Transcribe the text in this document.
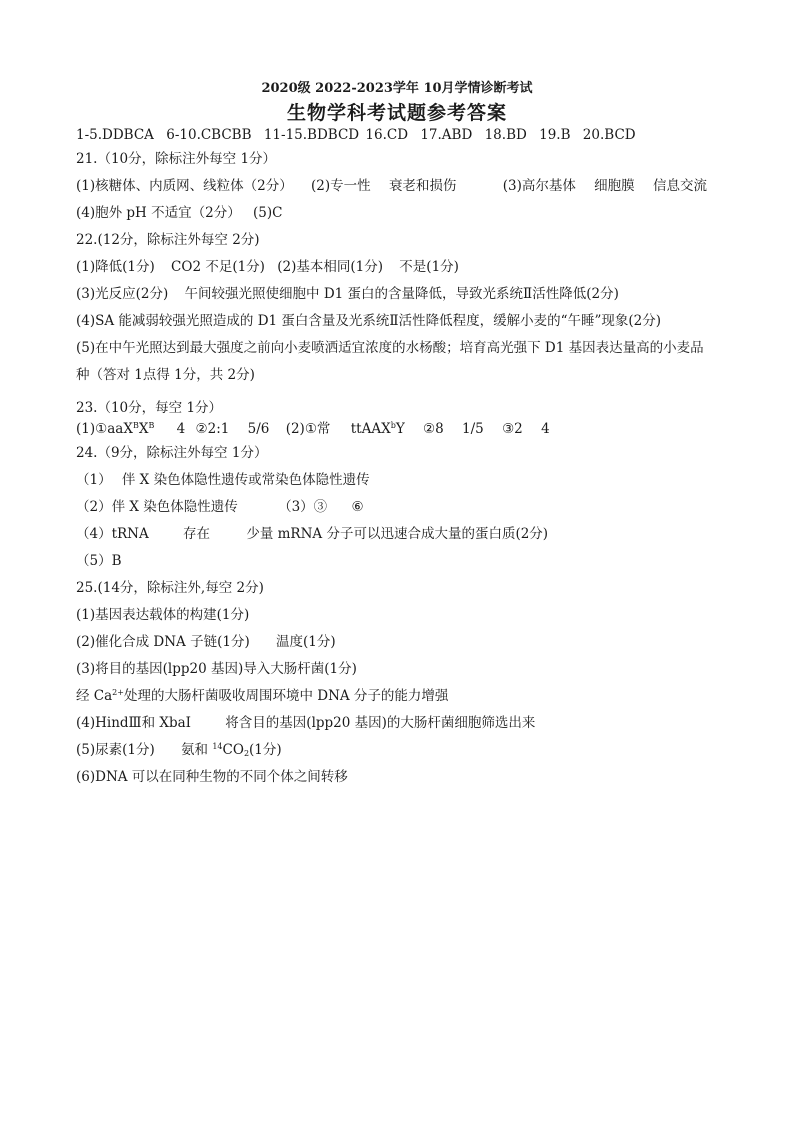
2020级 2022-2023学年 10月学情诊断考试
生物学科考试题参考答案
1-5.DDBCA 6-10.CBCBB 11-15.BDBCD 16.CD 17.ABD 18.BD 19.B 20.BCD
21.（10分，除标注外每空 1分）
(1)核糖体、内质网、线粒体（2分） (2)专一性 衰老和损伤	(3)高尔基体 细胞膜 信息交流
(4)胞外 pH 不适宜（2分） (5)C
22.(12分，除标注外每空 2分)
(1)降低(1分) CO2 不足(1分) (2)基本相同(1分) 不是(1分)
(3)光反应(2分) 午间较强光照使细胞中 D1 蛋白的含量降低，导致光系统Ⅱ活性降低(2分)
(4)SA 能减弱较强光照造成的 D1 蛋白含量及光系统Ⅱ活性降低程度，缓解小麦的“午睡”现象(2分)
(5)在中午光照达到最大强度之前向小麦喷洒适宜浓度的水杨酸；培育高光强下 D1 基因表达量高的小麦品
种（答对 1点得 1分，共 2分)
23.（10分，每空 1分）
$(1)①aaX^BX^B$ 4 ②2:1 5/6 (2)①常 ttAAX$^b$Y ②8 1/5 ③2 4
24.（9分，除标注外每空 1分）
（1） 伴 X 染色体隐性遗传或常染色体隐性遗传
（2）伴 X 染色体隐性遗传	（3）③ ⑥
（4）tRNA	存在	少量 mRNA 分子可以迅速合成大量的蛋白质(2分)
（5）B
25.(14分，除标注外,每空 2分)
(1)基因表达载体的构建(1分)
(2)催化合成 DNA 子链(1分) 温度(1分)
(3)将目的基因(lpp20 基因)导入大肠杆菌(1分)
经 $Ca^{2+}$处理的大肠杆菌吸收周围环境中 DNA 分子的能力增强
(4)HindⅢ和 XbaI	将含目的基因(lpp20 基因)的大肠杆菌细胞筛选出来
(5)尿素(1分) 氨和 $^{14}CO_2(1$分)
(6)DNA 可以在同种生物的不同个体之间转移
